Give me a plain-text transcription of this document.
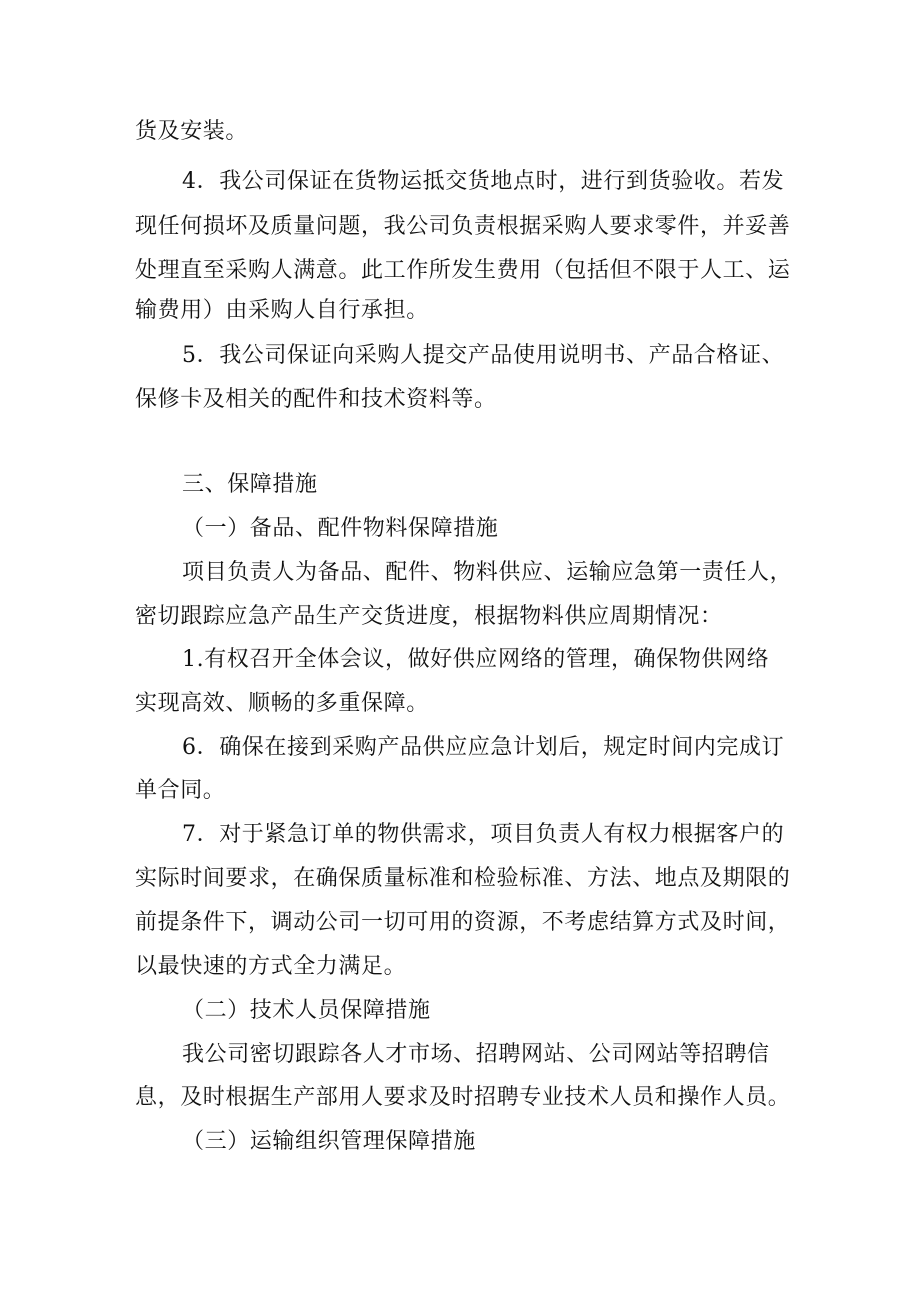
货及安装。
4．我公司保证在货物运抵交货地点时，进行到货验收。若发
现任何损坏及质量问题，我公司负责根据采购人要求零件，并妥善
处理直至采购人满意。此工作所发生费用（包括但不限于人工、运
输费用）由采购人自行承担。
5．我公司保证向采购人提交产品使用说明书、产品合格证、
保修卡及相关的配件和技术资料等。
三、保障措施
（一）备品、配件物料保障措施
项目负责人为备品、配件、物料供应、运输应急第一责任人，
密切跟踪应急产品生产交货进度，根据物料供应周期情况：
1.有权召开全体会议，做好供应网络的管理，确保物供网络
实现高效、顺畅的多重保障。
6．确保在接到采购产品供应应急计划后，规定时间内完成订
单合同。
7．对于紧急订单的物供需求，项目负责人有权力根据客户的
实际时间要求，在确保质量标准和检验标准、方法、地点及期限的
前提条件下，调动公司一切可用的资源，不考虑结算方式及时间，
以最快速的方式全力满足。
（二）技术人员保障措施
我公司密切跟踪各人才市场、招聘网站、公司网站等招聘信
息，及时根据生产部用人要求及时招聘专业技术人员和操作人员。
（三）运输组织管理保障措施
